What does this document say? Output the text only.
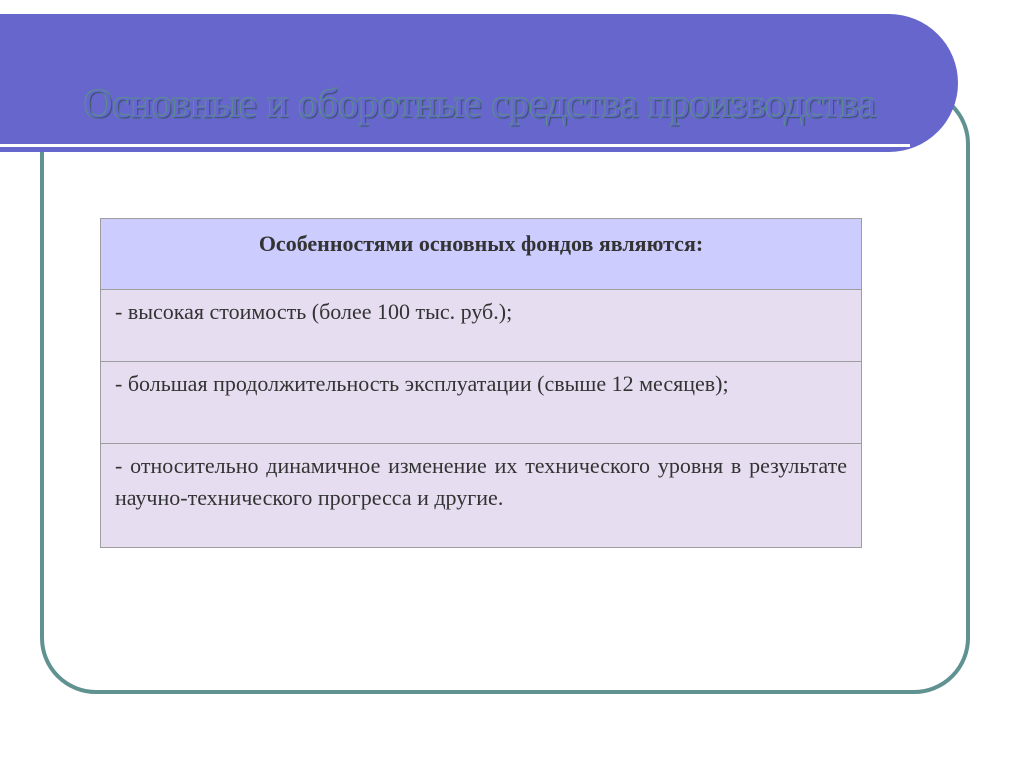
Основные и оборотные средства производства
Особенностями основных фондов являются:
- высокая стоимость (более 100 тыс. руб.);
- большая продолжительность эксплуатации (свыше 12 месяцев);
- относительно динамичное изменение их технического уровня в результате научно-технического прогресса и другие.
